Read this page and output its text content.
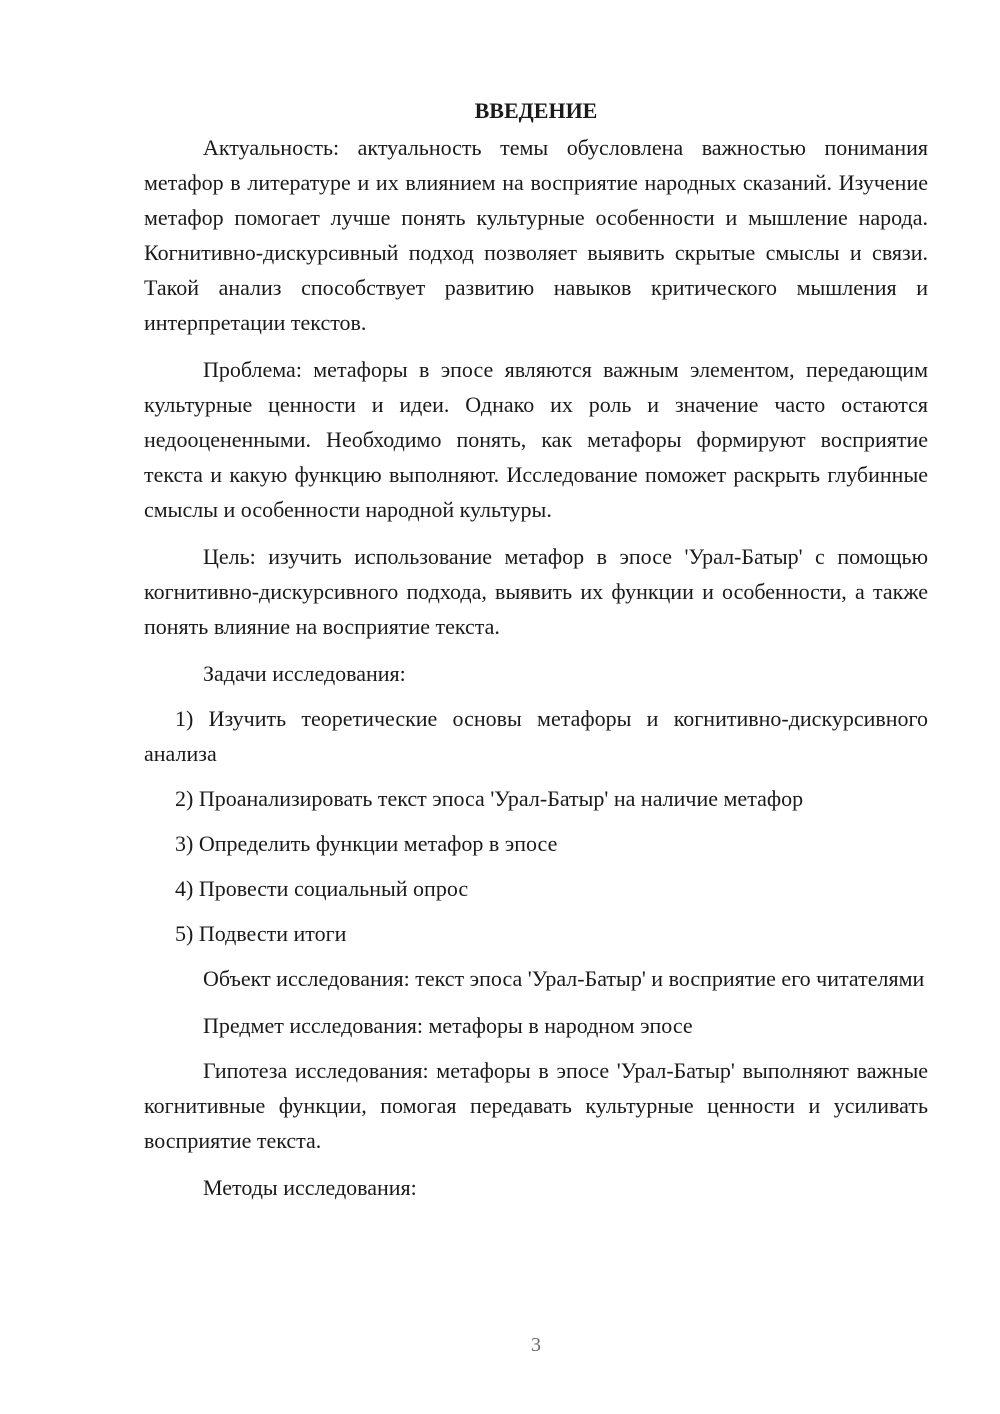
ВВЕДЕНИЕ

Актуальность: актуальность темы обусловлена важностью понимания метафор в литературе и их влиянием на восприятие народных сказаний. Изучение метафор помогает лучше понять культурные особенности и мышление народа. Когнитивно-дискурсивный подход позволяет выявить скрытые смыслы и связи. Такой анализ способствует развитию навыков критического мышления и интерпретации текстов.

Проблема: метафоры в эпосе являются важным элементом, передающим культурные ценности и идеи. Однако их роль и значение часто остаются недооцененными. Необходимо понять, как метафоры формируют восприятие текста и какую функцию выполняют. Исследование поможет раскрыть глубинные смыслы и особенности народной культуры.

Цель: изучить использование метафор в эпосе 'Урал-Батыр' с помощью когнитивно-дискурсивного подхода, выявить их функции и особенности, а также понять влияние на восприятие текста.

Задачи исследования:

1) Изучить теоретические основы метафоры и когнитивно-дискурсивного анализа
2) Проанализировать текст эпоса 'Урал-Батыр' на наличие метафор
3) Определить функции метафор в эпосе
4) Провести социальный опрос
5) Подвести итоги

Объект исследования: текст эпоса 'Урал-Батыр' и восприятие его читателями

Предмет исследования: метафоры в народном эпосе

Гипотеза исследования: метафоры в эпосе 'Урал-Батыр' выполняют важные когнитивные функции, помогая передавать культурные ценности и усиливать восприятие текста.

Методы исследования:

3
